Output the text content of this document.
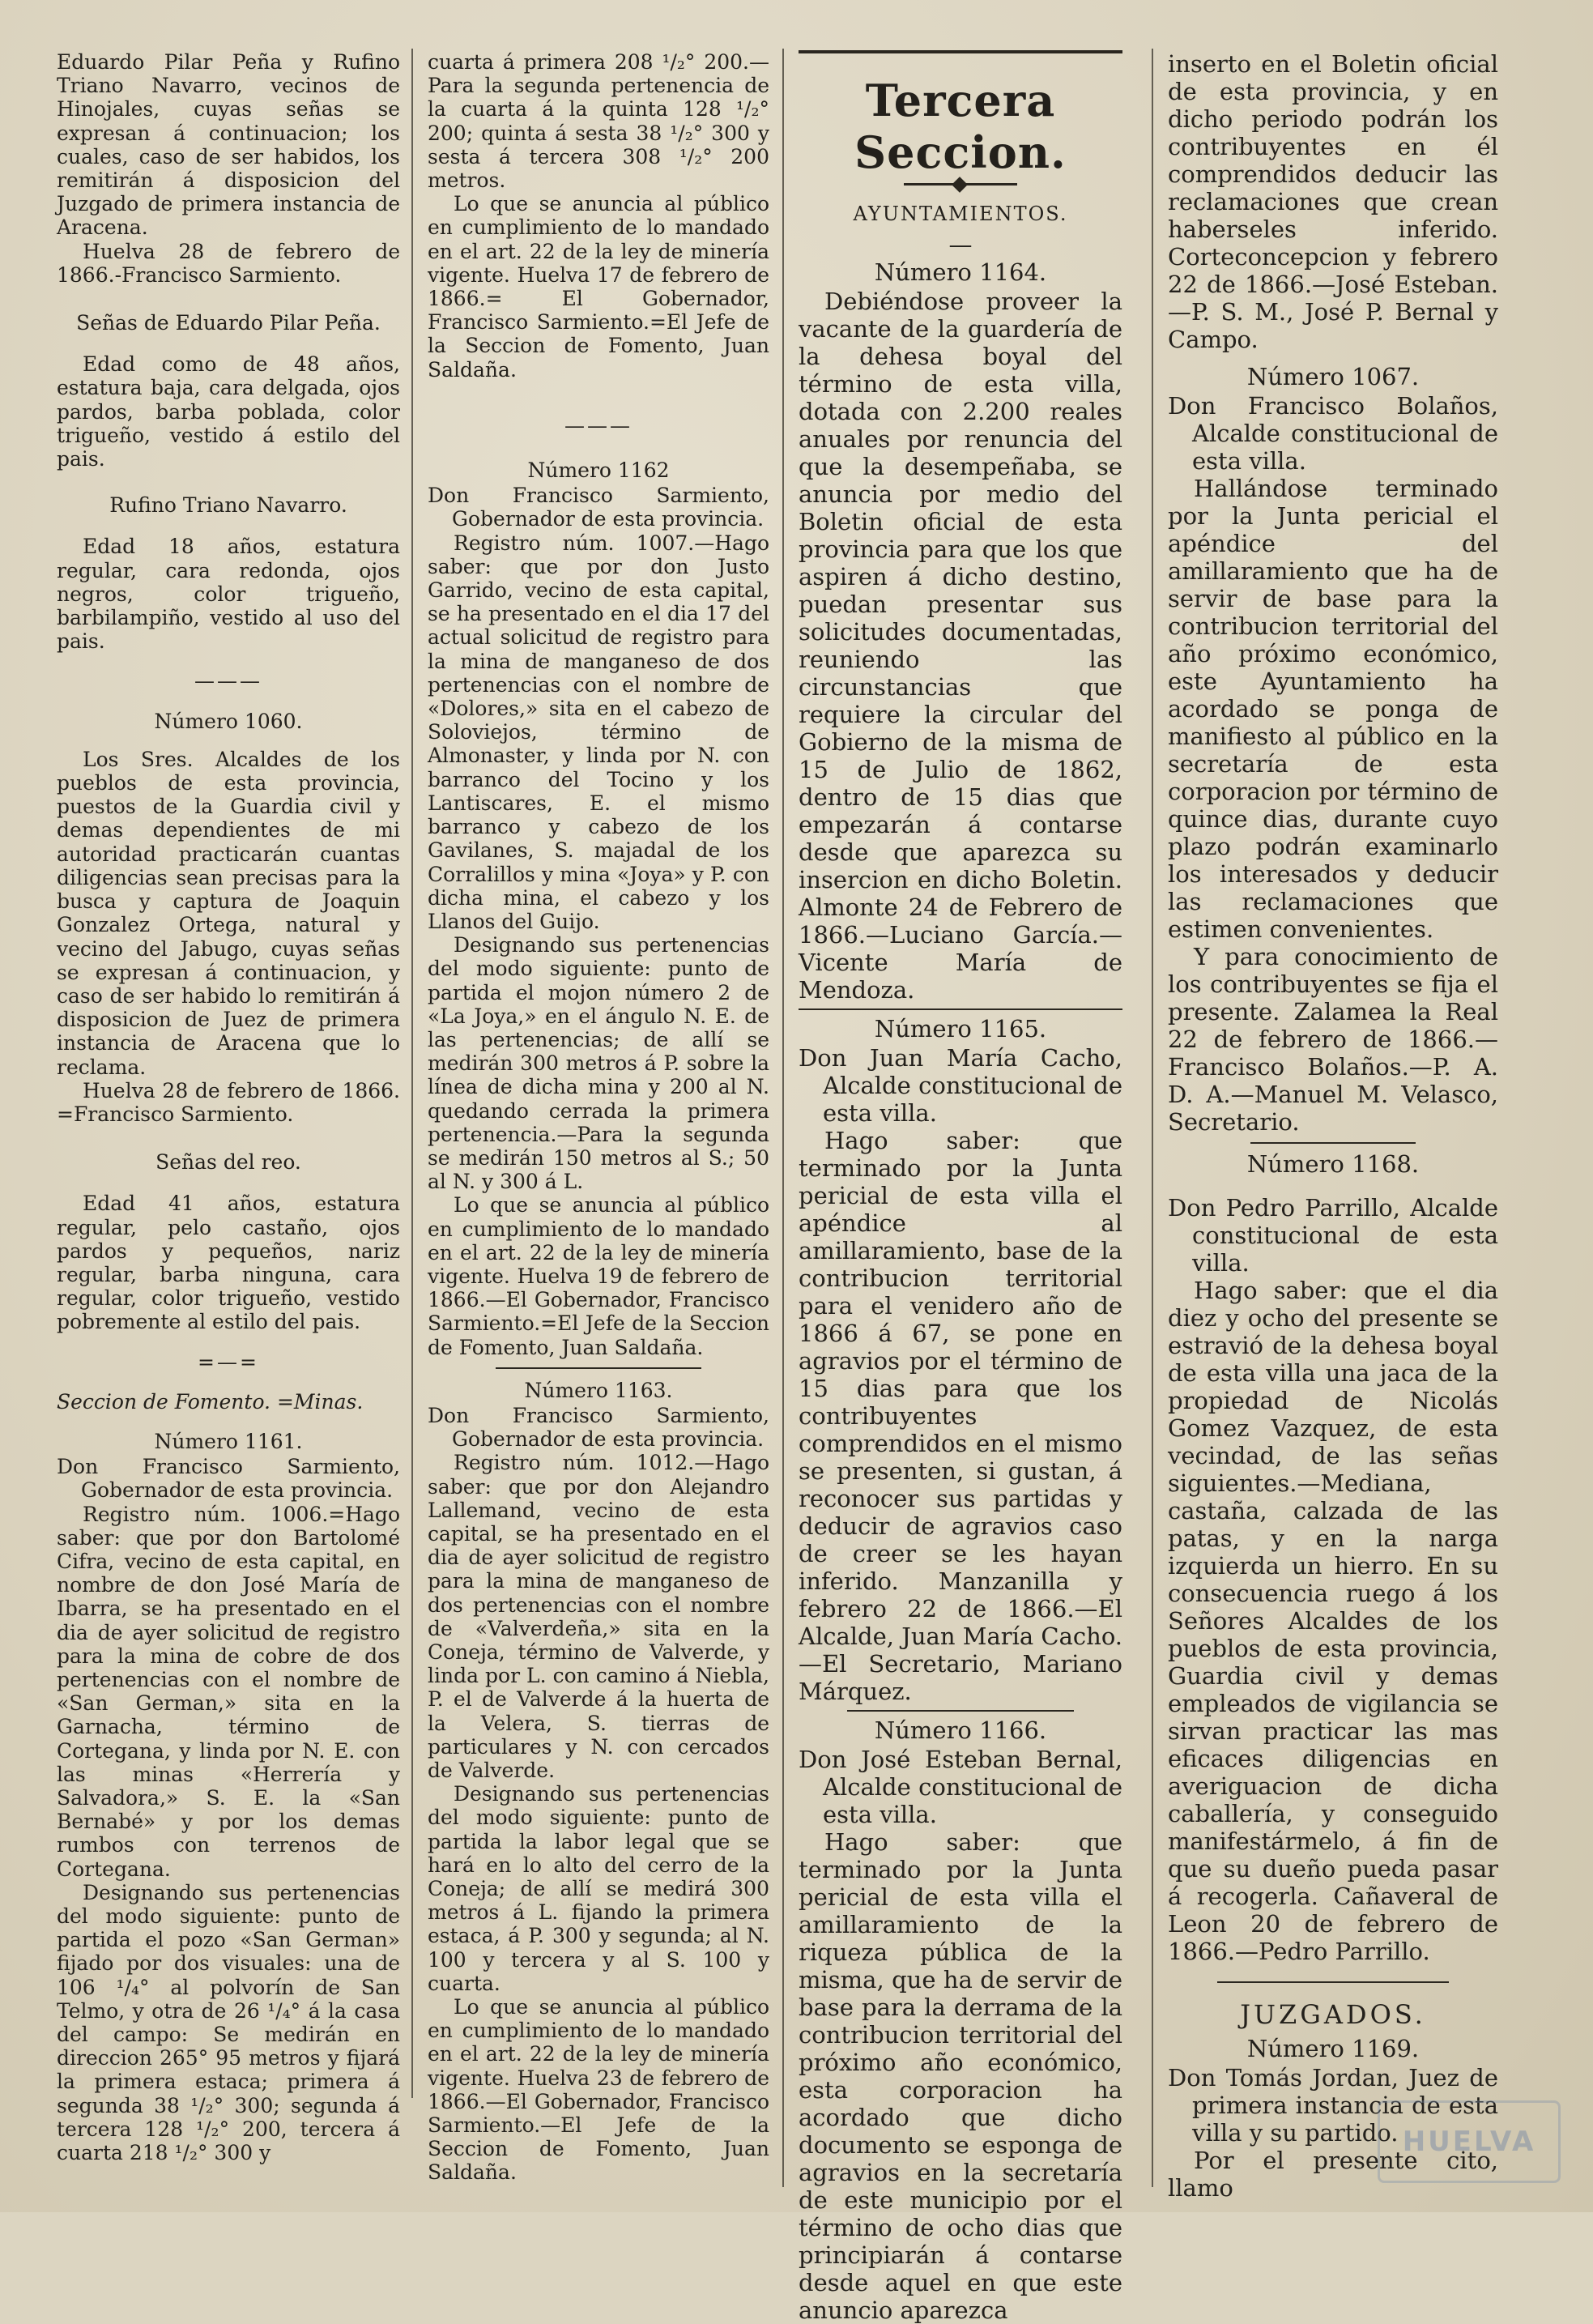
Eduardo Pilar Peña y Rufino Triano Navarro, vecinos de Hinojales, cuyas señas se expresan á continuacion; los cuales, caso de ser habidos, los remitirán á disposicion del Juzgado de primera instancia de Aracena.

Huelva 28 de febrero de 1866.-Francisco Sarmiento.

Señas de Eduardo Pilar Peña.

Edad como de 48 años, estatura baja, cara delgada, ojos pardos, barba poblada, color trigueño, vestido á estilo del pais.

Rufino Triano Navarro.

Edad 18 años, estatura regular, cara redonda, ojos negros, color trigueño, barbilampiño, vestido al uso del pais.

———

Número 1060.

Los Sres. Alcaldes de los pueblos de esta provincia, puestos de la Guardia civil y demas dependientes de mi autoridad practicarán cuantas diligencias sean precisas para la busca y captura de Joaquin Gonzalez Ortega, natural y vecino del Jabugo, cuyas señas se expresan á continuacion, y caso de ser habido lo remitirán á disposicion de Juez de primera instancia de Aracena que lo reclama.

Huelva 28 de febrero de 1866. =Francisco Sarmiento.

Señas del reo.

Edad 41 años, estatura regular, pelo castaño, ojos pardos y pequeños, nariz regular, barba ninguna, cara regular, color trigueño, vestido pobremente al estilo del pais.

=—=

Seccion de Fomento. =Minas.

Número 1161.

Don Francisco Sarmiento, Gobernador de esta provincia.

Registro núm. 1006.=Hago saber: que por don Bartolomé Cifra, vecino de esta capital, en nombre de don José María de Ibarra, se ha presentado en el dia de ayer solicitud de registro para la mina de cobre de dos pertenencias con el nombre de «San German,» sita en la Garnacha, término de Cortegana, y linda por N. E. con las minas «Herrería y Salvadora,» S. E. la «San Bernabé» y por los demas rumbos con terrenos de Cortegana.

Designando sus pertenencias del modo siguiente: punto de partida el pozo «San German» fijado por dos visuales: una de 106 ¹/₄° al polvorín de San Telmo, y otra de 26 ¹/₄° á la casa del campo: Se medirán en direccion 265° 95 metros y fijará la primera estaca; primera á segunda 38 ¹/₂° 300; segunda á tercera 128 ¹/₂° 200, tercera á cuarta 218 ¹/₂° 300 y

cuarta á primera 208 ¹/₂° 200.—Para la segunda pertenencia de la cuarta á la quinta 128 ¹/₂° 200; quinta á sesta 38 ¹/₂° 300 y sesta á tercera 308 ¹/₂° 200 metros.

Lo que se anuncia al público en cumplimiento de lo mandado en el art. 22 de la ley de minería vigente. Huelva 17 de febrero de 1866.= El Gobernador, Francisco Sarmiento.=El Jefe de la Seccion de Fomento, Juan Saldaña.

———

Número 1162

Don Francisco Sarmiento, Gobernador de esta provincia.

Registro núm. 1007.—Hago saber: que por don Justo Garrido, vecino de esta capital, se ha presentado en el dia 17 del actual solicitud de registro para la mina de manganeso de dos pertenencias con el nombre de «Dolores,» sita en el cabezo de Soloviejos, término de Almonaster, y linda por N. con barranco del Tocino y los Lantiscares, E. el mismo barranco y cabezo de los Gavilanes, S. majadal de los Corralillos y mina «Joya» y P. con dicha mina, el cabezo y los Llanos del Guijo.

Designando sus pertenencias del modo siguiente: punto de partida el mojon número 2 de «La Joya,» en el ángulo N. E. de las pertenencias; de allí se medirán 300 metros á P. sobre la línea de dicha mina y 200 al N. quedando cerrada la primera pertenencia.—Para la segunda se medirán 150 metros al S.; 50 al N. y 300 á L.

Lo que se anuncia al público en cumplimiento de lo mandado en el art. 22 de la ley de minería vigente. Huelva 19 de febrero de 1866.—El Gobernador, Francisco Sarmiento.=El Jefe de la Seccion de Fomento, Juan Saldaña.

Número 1163.

Don Francisco Sarmiento, Gobernador de esta provincia.

Registro núm. 1012.—Hago saber: que por don Alejandro Lallemand, vecino de esta capital, se ha presentado en el dia de ayer solicitud de registro para la mina de manganeso de dos pertenencias con el nombre de «Valverdeña,» sita en la Coneja, término de Valverde, y linda por L. con camino á Niebla, P. el de Valverde á la huerta de la Velera, S. tierras de particulares y N. con cercados de Valverde.

Designando sus pertenencias del modo siguiente: punto de partida la labor legal que se hará en lo alto del cerro de la Coneja; de allí se medirá 300 metros á L. fijando la primera estaca, á P. 300 y segunda; al N. 100 y tercera y al S. 100 y cuarta.

Lo que se anuncia al público en cumplimiento de lo mandado en el art. 22 de la ley de minería vigente. Huelva 23 de febrero de 1866.—El Gobernador, Francisco Sarmiento.—El Jefe de la Seccion de Fomento, Juan Saldaña.

Tercera Seccion.

AYUNTAMIENTOS.

—

Número 1164.

Debiéndose proveer la vacante de la guardería de la dehesa boyal del término de esta villa, dotada con 2.200 reales anuales por renuncia del que la desempeñaba, se anuncia por medio del Boletin oficial de esta provincia para que los que aspiren á dicho destino, puedan presentar sus solicitudes documentadas, reuniendo las circunstancias que requiere la circular del Gobierno de la misma de 15 de Julio de 1862, dentro de 15 dias que empezarán á contarse desde que aparezca su insercion en dicho Boletin. Almonte 24 de Febrero de 1866.—Luciano García.—Vicente María de Mendoza.

Número 1165.

Don Juan María Cacho, Alcalde constitucional de esta villa.

Hago saber: que terminado por la Junta pericial de esta villa el apéndice al amillaramiento, base de la contribucion territorial para el venidero año de 1866 á 67, se pone en agravios por el término de 15 dias para que los contribuyentes comprendidos en el mismo se presenten, si gustan, á reconocer sus partidas y deducir de agravios caso de creer se les hayan inferido. Manzanilla y febrero 22 de 1866.—El Alcalde, Juan María Cacho.—El Secretario, Mariano Márquez.

Número 1166.

Don José Esteban Bernal, Alcalde constitucional de esta villa.

Hago saber: que terminado por la Junta pericial de esta villa el amillaramiento de la riqueza pública de la misma, que ha de servir de base para la derrama de la contribucion territorial del próximo año económico, esta corporacion ha acordado que dicho documento se esponga de agravios en la secretaría de este municipio por el término de ocho dias que principiarán á contarse desde aquel en que este anuncio aparezca

inserto en el Boletin oficial de esta provincia, y en dicho periodo podrán los contribuyentes en él comprendidos deducir las reclamaciones que crean haberseles inferido. Corteconcepcion y febrero 22 de 1866.—José Esteban.—P. S. M., José P. Bernal y Campo.

Número 1067.

Don Francisco Bolaños, Alcalde constitucional de esta villa.

Hallándose terminado por la Junta pericial el apéndice del amillaramiento que ha de servir de base para la contribucion territorial del año próximo económico, este Ayuntamiento ha acordado se ponga de manifiesto al público en la secretaría de esta corporacion por término de quince dias, durante cuyo plazo podrán examinarlo los interesados y deducir las reclamaciones que estimen convenientes.

Y para conocimiento de los contribuyentes se fija el presente. Zalamea la Real 22 de febrero de 1866.—Francisco Bolaños.—P. A. D. A.—Manuel M. Velasco, Secretario.

Número 1168.

Don Pedro Parrillo, Alcalde constitucional de esta villa.

Hago saber: que el dia diez y ocho del presente se estravió de la dehesa boyal de esta villa una jaca de la propiedad de Nicolás Gomez Vazquez, de esta vecindad, de las señas siguientes.—Mediana, castaña, calzada de las patas, y en la narga izquierda un hierro. En su consecuencia ruego á los Señores Alcaldes de los pueblos de esta provincia, Guardia civil y demas empleados de vigilancia se sirvan practicar las mas eficaces diligencias en averiguacion de dicha caballería, y conseguido manifestármelo, á fin de que su dueño pueda pasar á recogerla. Cañaveral de Leon 20 de febrero de 1866.—Pedro Parrillo.

JUZGADOS.

Número 1169.

Don Tomás Jordan, Juez de primera instancia de esta villa y su partido.

Por el presente cito, llamo

HUELVA
